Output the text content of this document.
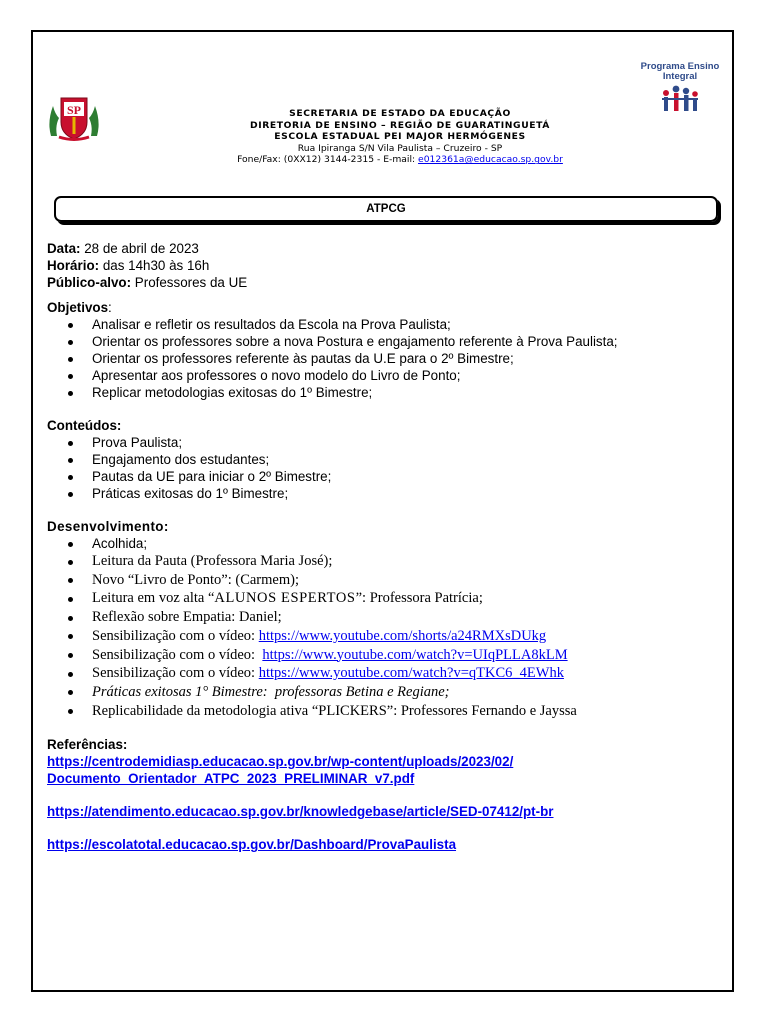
SP
Programa Ensino
Integral
SECRETARIA DE ESTADO DA EDUCAÇÃO
DIRETORIA DE ENSINO – REGIÃO DE GUARATINGUETÁ
ESCOLA ESTADUAL PEI MAJOR HERMÓGENES
Rua Ipiranga S/N Vila Paulista – Cruzeiro - SP
Fone/Fax: (0XX12) 3144-2315 - E-mail: e012361a@educacao.sp.gov.br
ATPCG
Data: 28 de abril de 2023
Horário: das 14h30 às 16h
Público-alvo: Professores da UE
Objetivos:
Analisar e refletir os resultados da Escola na Prova Paulista;
Orientar os professores sobre a nova Postura e engajamento referente à Prova Paulista;
Orientar os professores referente às pautas da U.E para o 2º Bimestre;
Apresentar aos professores o novo modelo do Livro de Ponto;
Replicar metodologias exitosas do 1º Bimestre;
Conteúdos:
Prova Paulista;
Engajamento dos estudantes;
Pautas da UE para iniciar o 2º Bimestre;
Práticas exitosas do 1º Bimestre;
Desenvolvimento:
Acolhida;
Leitura da Pauta (Professora Maria José);
Novo “Livro de Ponto”: (Carmem);
Leitura em voz alta “ALUNOS ESPERTOS”: Professora Patrícia;
Reflexão sobre Empatia: Daniel;
Sensibilização com o vídeo: https://www.youtube.com/shorts/a24RMXsDUkg
Sensibilização com o vídeo:  https://www.youtube.com/watch?v=UIqPLLA8kLM
Sensibilização com o vídeo: https://www.youtube.com/watch?v=qTKC6_4EWhk
Práticas exitosas 1° Bimestre:  professoras Betina e Regiane;
Replicabilidade da metodologia ativa “PLICKERS”: Professores Fernando e Jayssa
Referências:
https://centrodemidiasp.educacao.sp.gov.br/wp-content/uploads/2023/02/
Documento_Orientador_ATPC_2023_PRELIMINAR_v7.pdf
https://atendimento.educacao.sp.gov.br/knowledgebase/article/SED-07412/pt-br
https://escolatotal.educacao.sp.gov.br/Dashboard/ProvaPaulista
